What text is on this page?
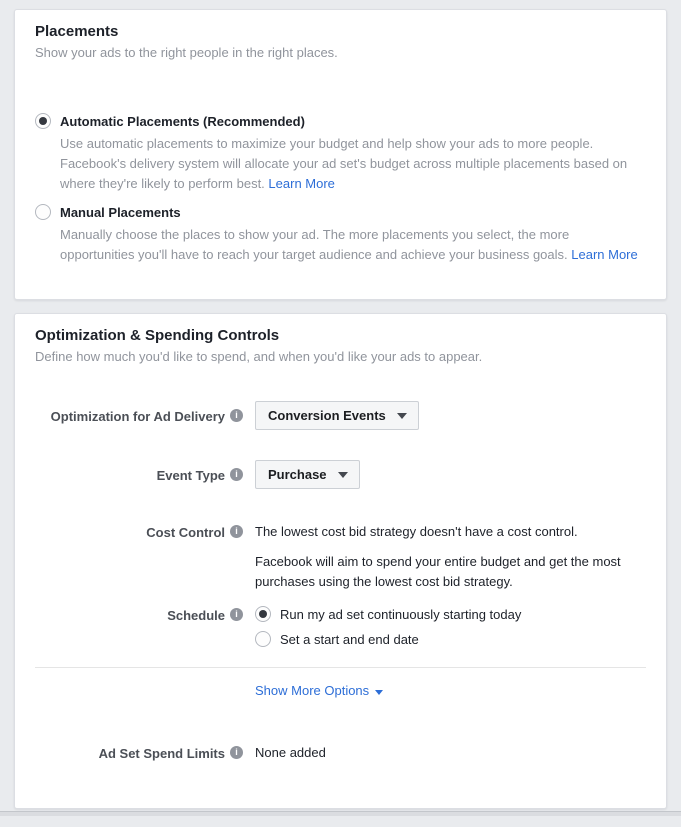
Placements

Show your ads to the right people in the right places.

Automatic Placements (Recommended)

Use automatic placements to maximize your budget and help show your ads to more people. Facebook's delivery system will allocate your ad set's budget across multiple placements based on where they're likely to perform best. Learn More

Manual Placements

Manually choose the places to show your ad. The more placements you select, the more opportunities you'll have to reach your target audience and achieve your business goals. Learn More

Optimization & Spending Controls

Define how much you'd like to spend, and when you'd like your ads to appear.

Optimization for Ad Delivery	i	Conversion Events
Event Type	i	Purchase
Cost Control	i	The lowest cost bid strategy doesn't have a cost control.

Facebook will aim to spend your entire budget and get the most purchases using the lowest cost bid strategy.

Schedule	i	Run my ad set continuously starting today
Set a start and end date
Show More Options
Ad Set Spend Limits	i	None added
